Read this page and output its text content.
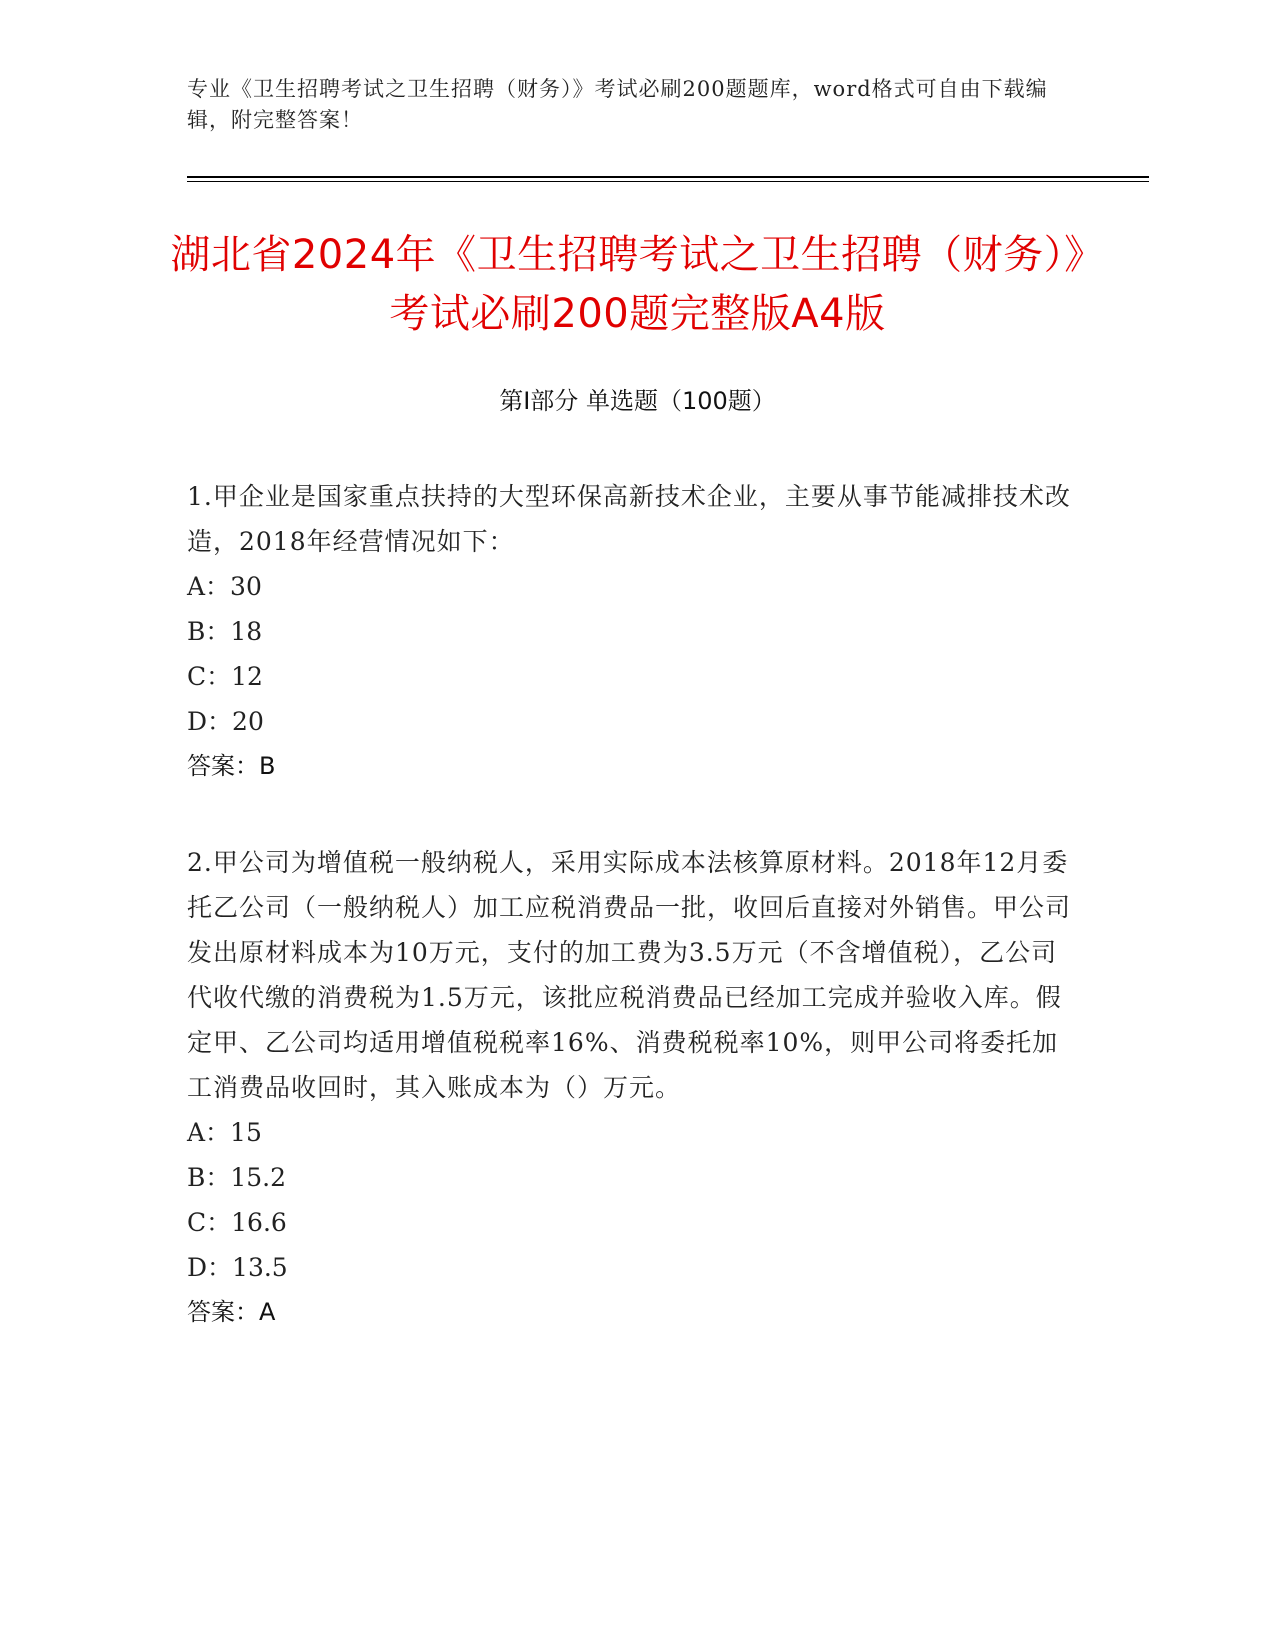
专业《卫生招聘考试之卫生招聘（财务）》考试必刷200题题库，word格式可自由下载编辑，附完整答案！
湖北省2024年《卫生招聘考试之卫生招聘（财务）》考试必刷200题完整版A4版
第I部分 单选题（100题）

1.甲企业是国家重点扶持的大型环保高新技术企业，主要从事节能减排技术改造，2018年经营情况如下：

A：30
B：18
C：12
D：20

答案：B

2.甲公司为增值税一般纳税人，采用实际成本法核算原材料。2018年12月委托乙公司（一般纳税人）加工应税消费品一批，收回后直接对外销售。甲公司发出原材料成本为10万元，支付的加工费为3.5万元（不含增值税），乙公司代收代缴的消费税为1.5万元，该批应税消费品已经加工完成并验收入库。假定甲、乙公司均适用增值税税率16%、消费税税率10%，则甲公司将委托加工消费品收回时，其入账成本为（）万元。

A：15
B：15.2
C：16.6
D：13.5

答案：A
